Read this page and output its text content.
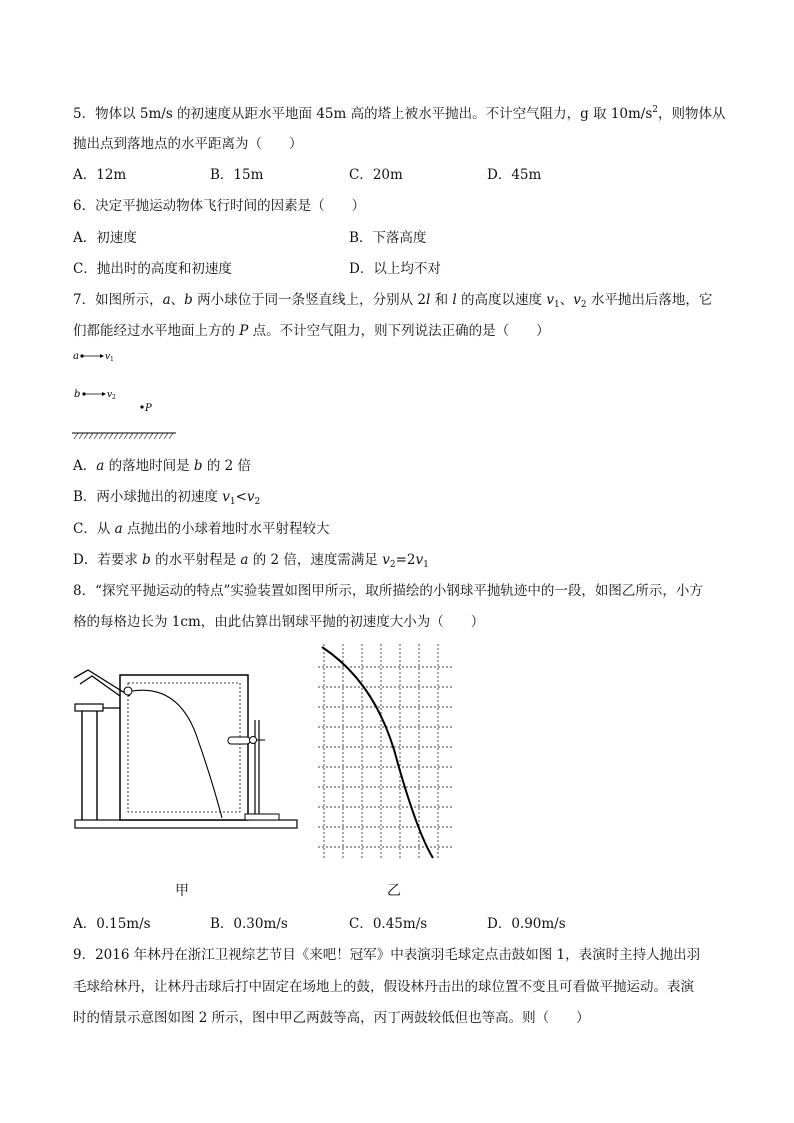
5．物体以 5m/s 的初速度从距水平地面 45m 高的塔上被水平抛出。不计空气阻力，g 取 $10m/s^2$，则物体从
抛出点到落地点的水平距离为（　　）
A．12m	B．15m	C．20m	D．45m
6．决定平抛运动物体飞行时间的因素是（　　）
A．初速度	B．下落高度
C．抛出时的高度和初速度	D．以上均不对
7．如图所示，a、b 两小球位于同一条竖直线上，分别从 2l 和 l 的高度以速度 $v_1$、$v_2$ 水平抛出后落地，它
们都能经过水平地面上方的 P 点。不计空气阻力，则下列说法正确的是（　　）
a	v 1
b	v 2
P
A．a 的落地时间是 b 的 2 倍
B．两小球抛出的初速度 $v_1<v_2$
C．从 a 点抛出的小球着地时水平射程较大
D．若要求 b 的水平射程是 a 的 2 倍，速度需满足 $v_2=2v_1$
8．“探究平抛运动的特点”实验装置如图甲所示，取所描绘的小钢球平抛轨迹中的一段，如图乙所示，小方
格的每格边长为 1cm，由此估算出钢球平抛的初速度大小为（　　）
甲	乙
A．0.15m/s	B．0.30m/s	C．0.45m/s	D．0.90m/s
9．2016 年林丹在浙江卫视综艺节目《来吧！冠军》中表演羽毛球定点击鼓如图 1，表演时主持人抛出羽
毛球给林丹，让林丹击球后打中固定在场地上的鼓，假设林丹击出的球位置不变且可看做平抛运动。表演
时的情景示意图如图 2 所示，图中甲乙两鼓等高，丙丁两鼓较低但也等高。则（　　）
